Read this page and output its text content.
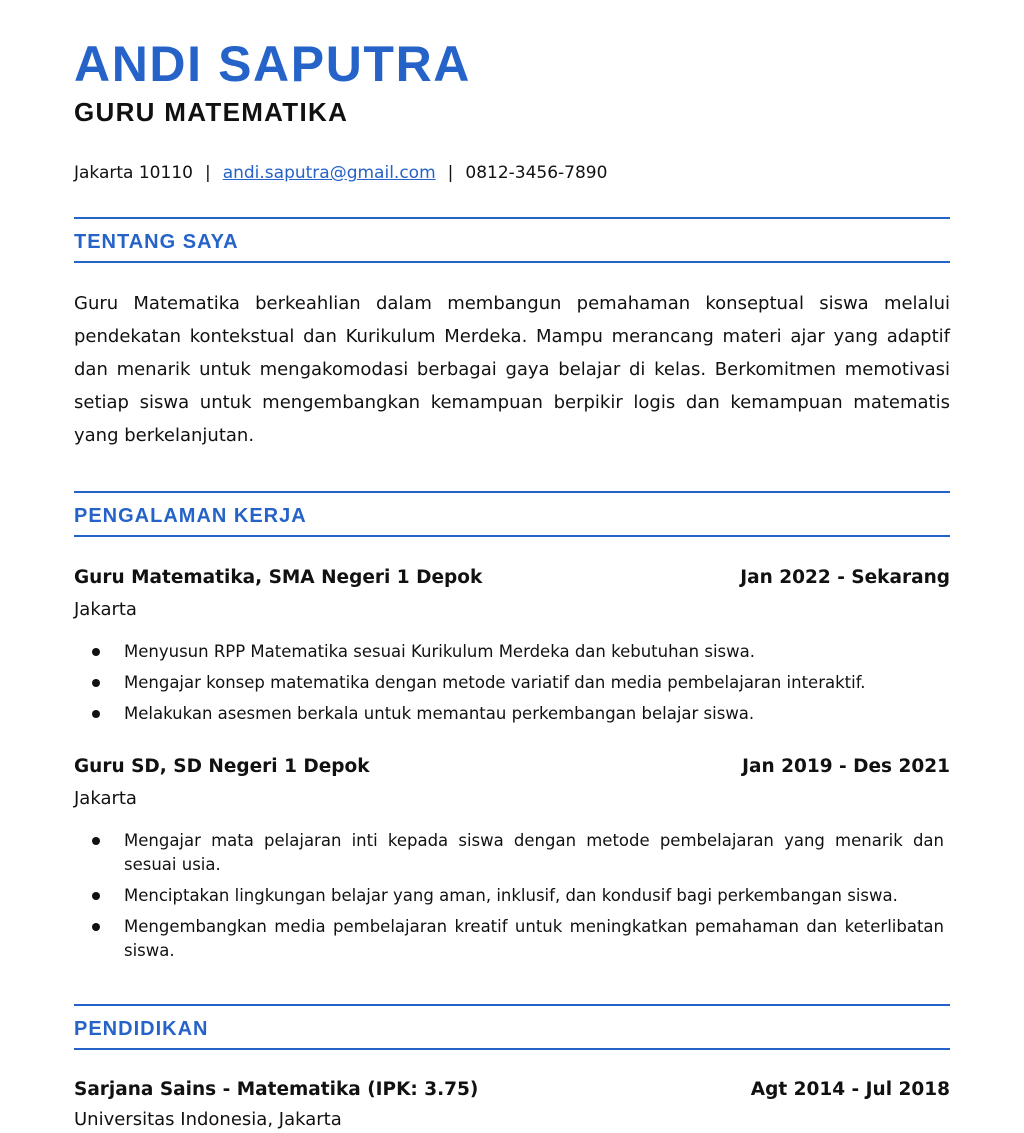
ANDI SAPUTRA
GURU MATEMATIKA
Jakarta 10110 | andi.saputra@gmail.com | 0812-3456-7890
TENTANG SAYA

Guru Matematika berkeahlian dalam membangun pemahaman konseptual siswa melalui pendekatan kontekstual dan Kurikulum Merdeka. Mampu merancang materi ajar yang adaptif dan menarik untuk mengakomodasi berbagai gaya belajar di kelas. Berkomitmen memotivasi setiap siswa untuk mengembangkan kemampuan berpikir logis dan kemampuan matematis yang berkelanjutan.

PENGALAMAN KERJA
Guru Matematika, SMA Negeri 1 Depok	Jan 2022 - Sekarang
Jakarta
Menyusun RPP Matematika sesuai Kurikulum Merdeka dan kebutuhan siswa.
Mengajar konsep matematika dengan metode variatif dan media pembelajaran interaktif.
Melakukan asesmen berkala untuk memantau perkembangan belajar siswa.
Guru SD, SD Negeri 1 Depok	Jan 2019 - Des 2021
Jakarta
Mengajar mata pelajaran inti kepada siswa dengan metode pembelajaran yang menarik dan sesuai usia.
Menciptakan lingkungan belajar yang aman, inklusif, dan kondusif bagi perkembangan siswa.
Mengembangkan media pembelajaran kreatif untuk meningkatkan pemahaman dan keterlibatan siswa.
PENDIDIKAN
Sarjana Sains - Matematika (IPK: 3.75)	Agt 2014 - Jul 2018
Universitas Indonesia, Jakarta
